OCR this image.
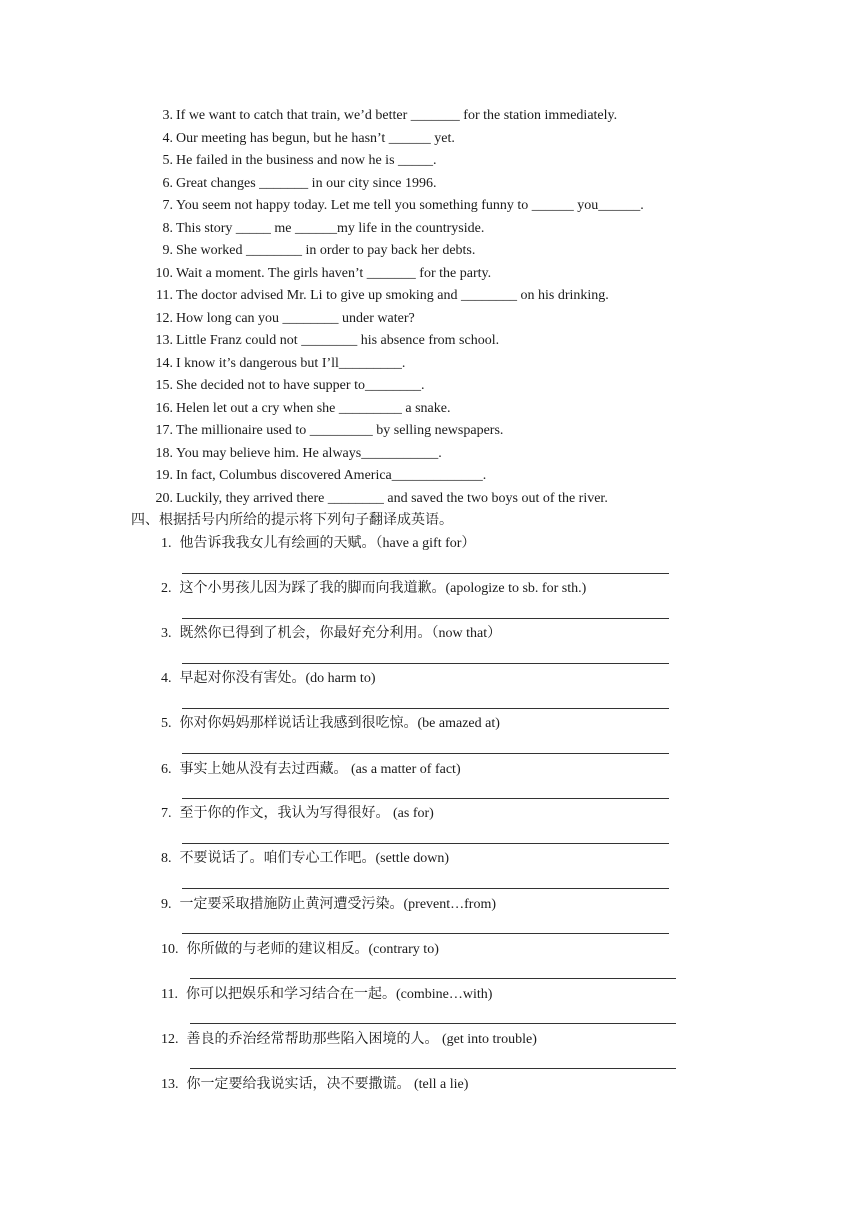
3. If we want to catch that train, we’d better _______ for the station immediately.
4. Our meeting has begun, but he hasn’t ______ yet.
5. He failed in the business and now he is _____.
6. Great changes _______ in our city since 1996.
7. You seem not happy today. Let me tell you something funny to ______ you______.
8. This story _____ me ______my life in the countryside.
9. She worked ________ in order to pay back her debts.
10. Wait a moment. The girls haven’t _______ for the party.
11. The doctor advised Mr. Li to give up smoking and ________ on his drinking.
12. How long can you ________ under water?
13. Little Franz could not ________ his absence from school.
14. I know it’s dangerous but I’ll_________.
15. She decided not to have supper to________.
16. Helen let out a cry when she _________ a snake.
17. The millionaire used to _________ by selling newspapers.
18. You may believe him. He always___________.
19. In fact, Columbus discovered America_____________.
20. Luckily, they arrived there ________ and saved the two boys out of the river.
四、根据括号内所给的提示将下列句子翻译成英语。
1. 他告诉我我女儿有绘画的天赋。（have a gift for）
2. 这个小男孩儿因为踩了我的脚而向我道歉。(apologize to sb. for sth.)
3. 既然你已得到了机会，你最好充分利用。（now that）
4. 早起对你没有害处。(do harm to)
5. 你对你妈妈那样说话让我感到很吃惊。(be amazed at)
6. 事实上她从没有去过西藏。 (as a matter of fact)
7. 至于你的作文，我认为写得很好。 (as for)
8. 不要说话了。咱们专心工作吧。(settle down)
9. 一定要采取措施防止黄河遭受污染。(prevent…from)
10. 你所做的与老师的建议相反。(contrary to)
11. 你可以把娱乐和学习结合在一起。(combine…with)
12. 善良的乔治经常帮助那些陷入困境的人。 (get into trouble)
13. 你一定要给我说实话，决不要撒谎。 (tell a lie)
